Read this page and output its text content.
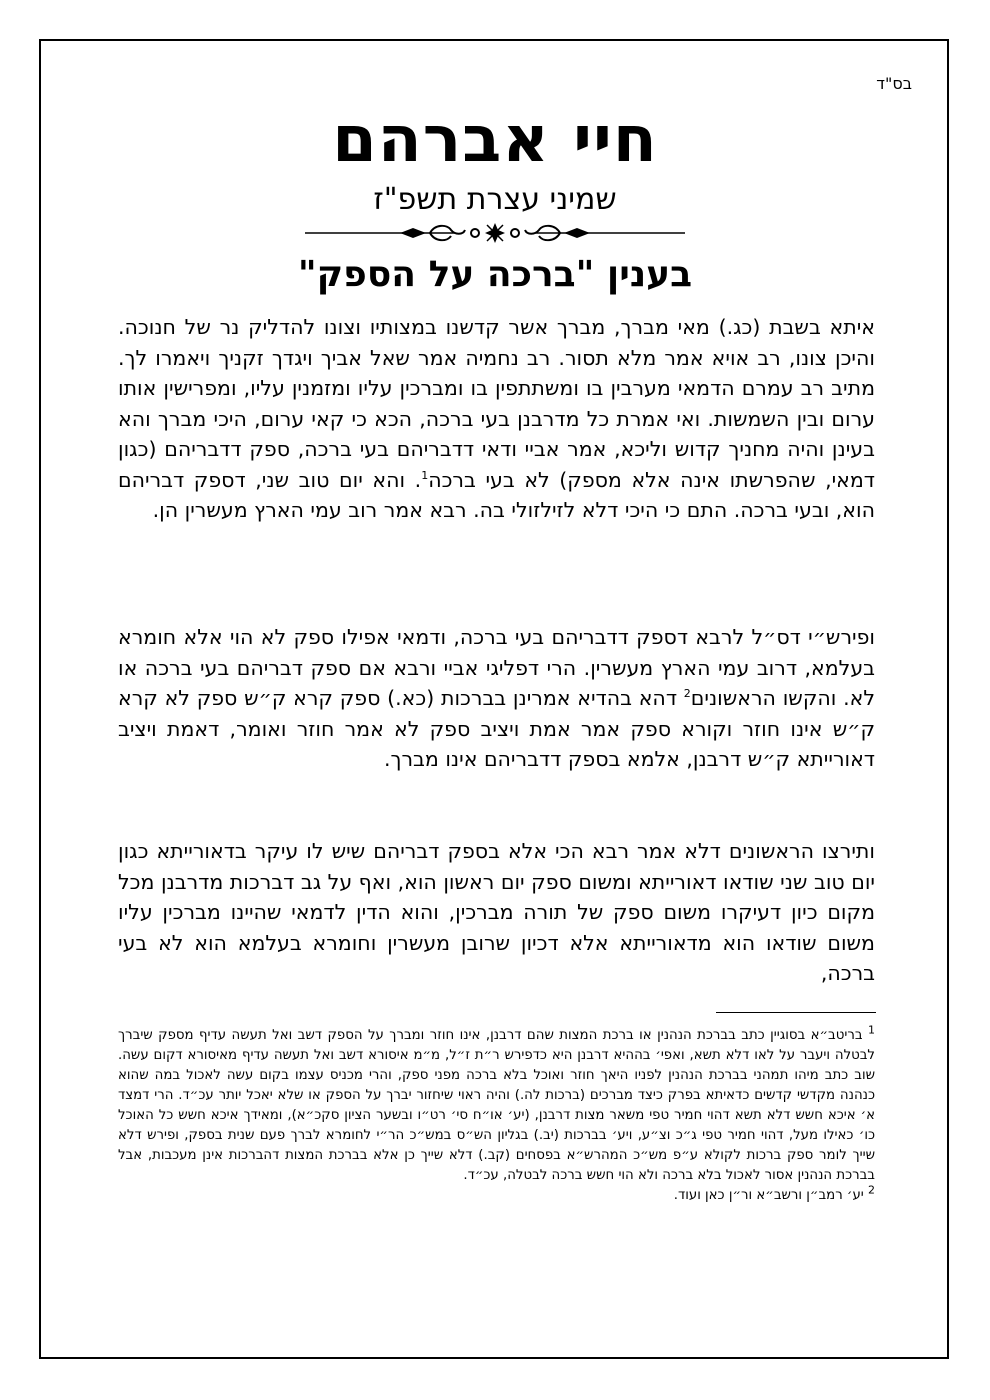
בס"ד
חיי אברהם
שמיני עצרת תשפ"ז
בענין "ברכה על הספק"
איתא בשבת (כג.) מאי מברך, מברך אשר קדשנו במצותיו וצונו להדליק נר של חנוכה. והיכן צונו, רב אויא אמר מלא תסור. רב נחמיה אמר שאל אביך ויגדך זקניך ויאמרו לך. מתיב רב עמרם הדמאי מערבין בו ומשתתפין בו ומברכין עליו ומזמנין עליו, ומפרישין אותו ערום ובין השמשות. ואי אמרת כל מדרבנן בעי ברכה, הכא כי קאי ערום, היכי מברך והא בעינן והיה מחניך קדוש וליכא, אמר אביי ודאי דדבריהם בעי ברכה, ספק דדבריהם (כגון דמאי, שהפרשתו אינה אלא מספק) לא בעי ברכה$^1$. והא יום טוב שני, דספק דבריהם הוא, ובעי ברכה. התם כי היכי דלא לזילזולי בה. רבא אמר רוב עמי הארץ מעשרין הן.
ופירש״י דס״ל לרבא דספק דדבריהם בעי ברכה, ודמאי אפילו ספק לא הוי אלא חומרא בעלמא, דרוב עמי הארץ מעשרין. הרי דפליגי אביי ורבא אם ספק דבריהם בעי ברכה או לא. והקשו הראשונים$^2$ דהא בהדיא אמרינן בברכות (כא.) ספק קרא ק״ש ספק לא קרא ק״ש אינו חוזר וקורא ספק אמר אמת ויציב ספק לא אמר חוזר ואומר, דאמת ויציב דאורייתא ק״ש דרבנן, אלמא בספק דדבריהם אינו מברך.
ותירצו הראשונים דלא אמר רבא הכי אלא בספק דבריהם שיש לו עיקר בדאורייתא כגון יום טוב שני שודאו דאורייתא ומשום ספק יום ראשון הוא, ואף על גב דברכות מדרבנן מכל מקום כיון דעיקרו משום ספק של תורה מברכין, והוא הדין לדמאי שהיינו מברכין עליו משום שודאו הוא מדאורייתא אלא דכיון שרובן מעשרין וחומרא בעלמא הוא לא בעי ברכה,

$^1$ בריטב״א בסוגיין כתב בברכת הנהנין או ברכת המצות שהם דרבנן, אינו חוזר ומברך על הספק דשב ואל תעשה עדיף מספק שיברך לבטלה ויעבר על לאו דלא תשא, ואפי׳ בההיא דרבנן היא כדפירש ר״ת ז״ל, מ״מ איסורא דשב ואל תעשה עדיף מאיסורא דקום עשה. שוב כתב מיהו תמהני בברכת הנהנין לפניו היאך חוזר ואוכל בלא ברכה מפני ספק, והרי מכניס עצמו בקום עשה לאכול במה שהוא כנהנה מקדשי קדשים כדאיתא בפרק כיצד מברכים (ברכות לה.) והיה ראוי שיחזור יברך על הספק או שלא יאכל יותר עכ״ד. הרי דמצד א׳ איכא חשש דלא תשא דהוי חמיר טפי משאר מצות דרבנן, (יע׳ או״ח סי׳ רט״ו ובשער הציון סקכ״א), ומאידך איכא חשש כל האוכל כו׳ כאילו מעל, דהוי חמיר טפי ג״כ וצ״ע, ויע׳ בברכות (יב.) בגליון הש״ס במש״כ הר״י לחומרא לברך פעם שנית בספק, ופירש דלא שייך לומר ספק ברכות לקולא ע״פ מש״כ המהרש״א בפסחים (קב.) דלא שייך כן אלא בברכת המצות דהברכות אינן מעכבות, אבל בברכת הנהנין אסור לאכול בלא ברכה ולא הוי חשש ברכה לבטלה, עכ״ד.

$^2$ יע׳ רמב״ן ורשב״א ור״ן כאן ועוד.
